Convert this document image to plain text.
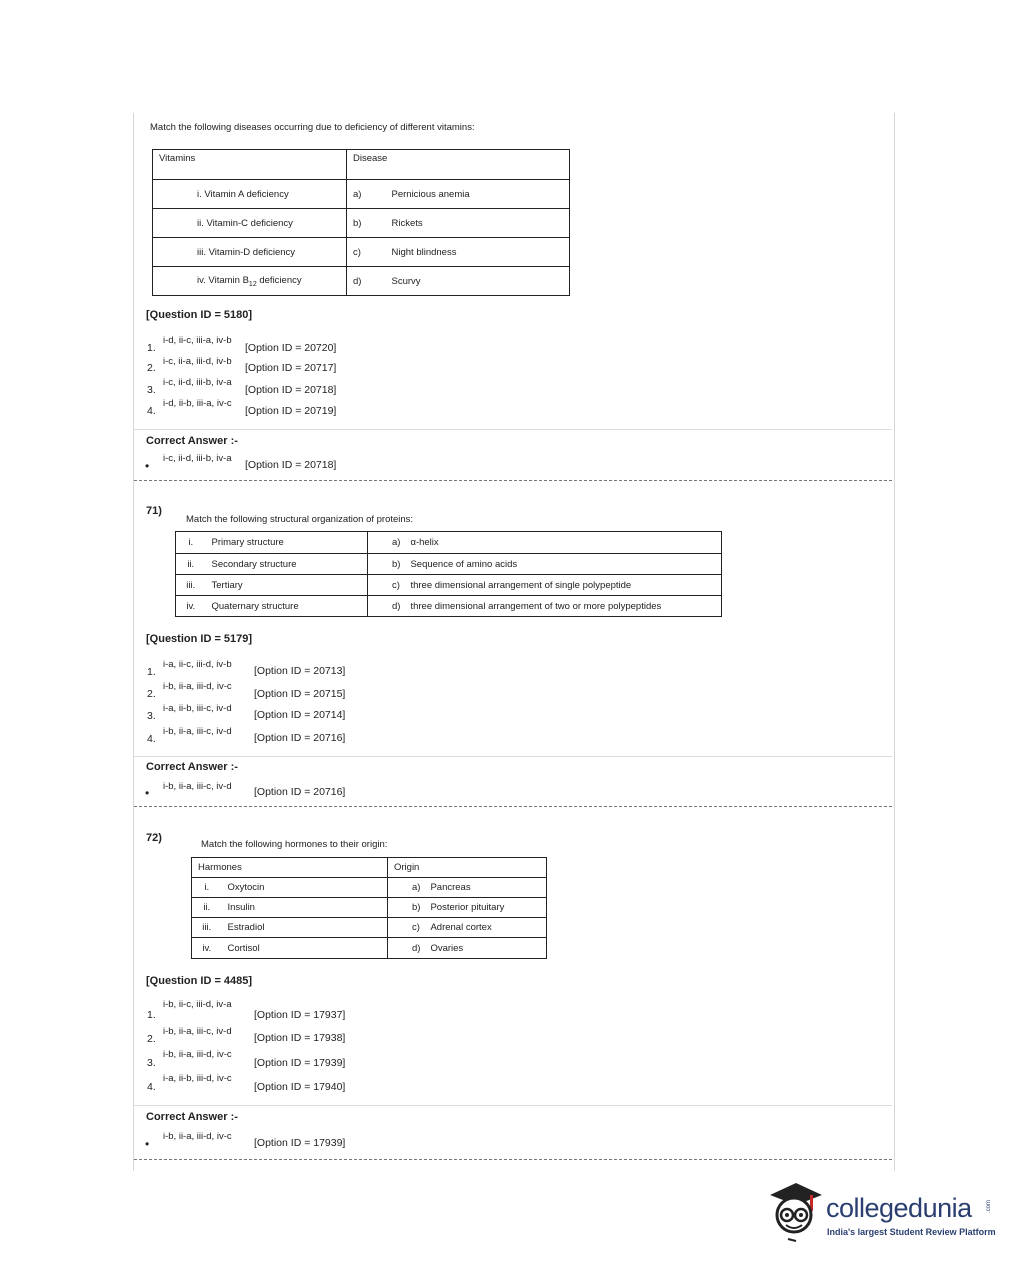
Match the following diseases occurring due to deficiency of different vitamins:
Vitamins	Disease	
i. Vitamin A deficiency	a)	Pernicious anemia
ii. Vitamin-C deficiency	b)	Rickets
iii. Vitamin-D deficiency	c)	Night blindness
iv. Vitamin $B_{12}$ deficiency	d)	Scurvy
[Question ID = 5180]
1.
i-d, ii-c, iii-a, iv-b
[Option ID = 20720]
2.
i-c, ii-a, iii-d, iv-b
[Option ID = 20717]
3.
i-c, ii-d, iii-b, iv-a
[Option ID = 20718]
4.
i-d, ii-b, iii-a, iv-c
[Option ID = 20719]
Correct Answer :-
•
i-c, ii-d, iii-b, iv-a
[Option ID = 20718]
71)
Match the following structural organization of proteins:
i.	Primary structure	a)	α-helix
ii.	Secondary structure	b)	Sequence of amino acids
iii.	Tertiary	c)	three dimensional arrangement of single polypeptide
iv.	Quaternary structure	d)	three dimensional arrangement of two or more polypeptides
[Question ID = 5179]
1.
i-a, ii-c, iii-d, iv-b
[Option ID = 20713]
2.
i-b, ii-a, iii-d, iv-c
[Option ID = 20715]
3.
i-a, ii-b, iii-c, iv-d
[Option ID = 20714]
4.
i-b, ii-a, iii-c, iv-d
[Option ID = 20716]
Correct Answer :-
• i-b, ii-a, iii-c, iv-d [Option ID = 20716]
72)
Match the following hormones to their origin:
Harmones		Origin	
i.	Oxytocin	a)	Pancreas
ii.	Insulin	b)	Posterior pituitary
iii.	Estradiol	c)	Adrenal cortex
iv.	Cortisol	d)	Ovaries
[Question ID = 4485]
1.
i-b, ii-c, iii-d, iv-a
[Option ID = 17937]
2.
i-b, ii-a, iii-c, iv-d
[Option ID = 17938]
3.
i-b, ii-a, iii-d, iv-c
[Option ID = 17939]
4.
i-a, ii-b, iii-d, iv-c
[Option ID = 17940]
Correct Answer :-
•
i-b, ii-a, iii-d, iv-c
[Option ID = 17939]
collegedunia .com
India's largest Student Review Platform
